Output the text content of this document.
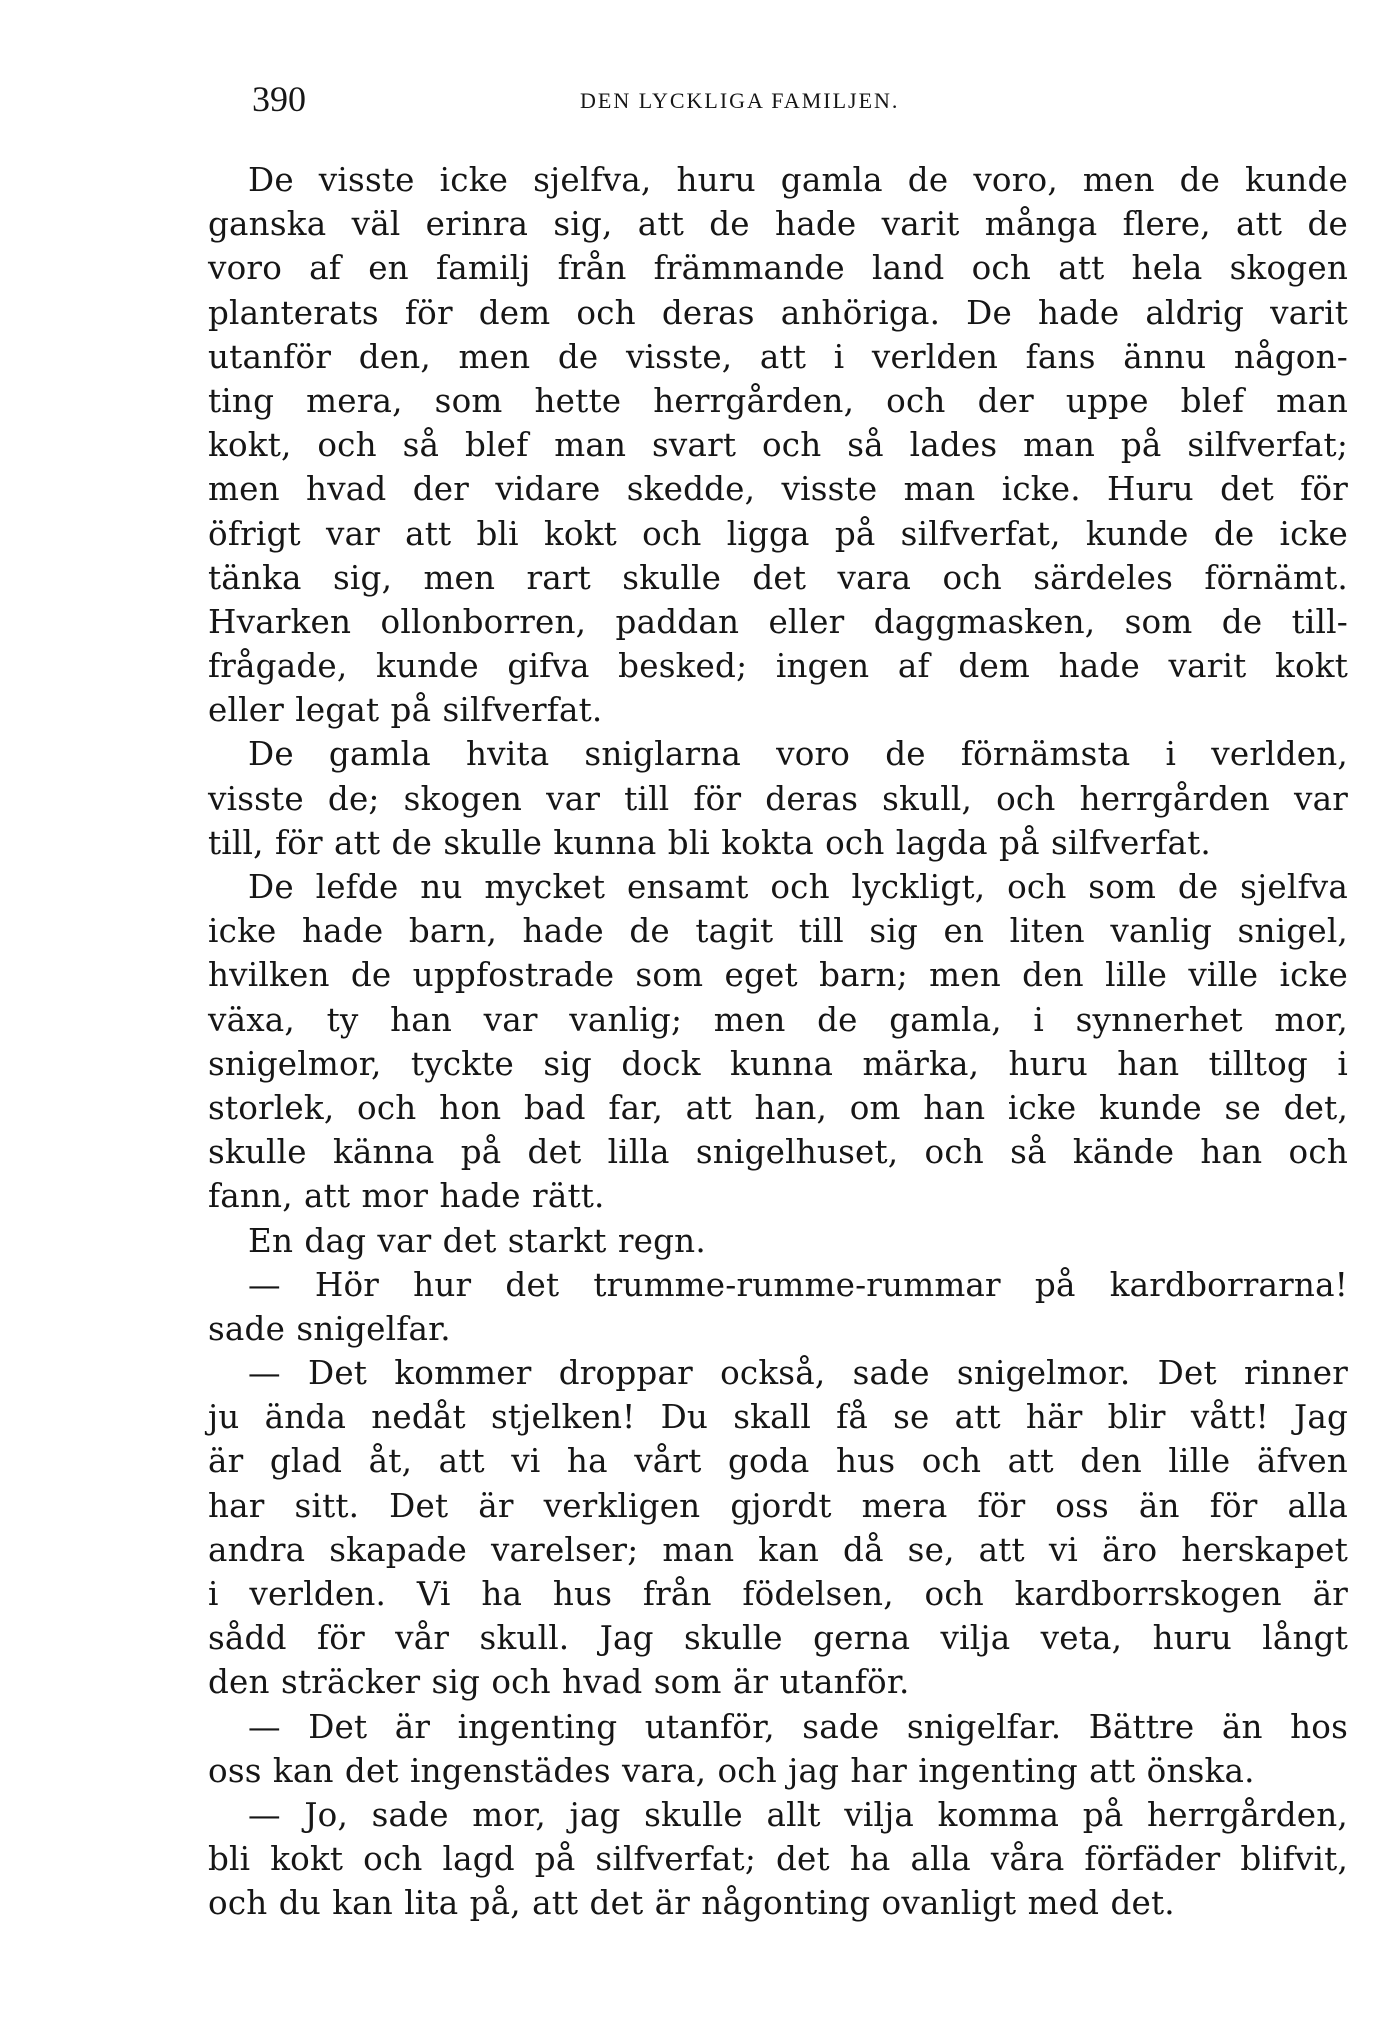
390	DEN LYCKLIGA FAMILJEN.
De visste icke sjelfva, huru gamla de voro, men de kunde
ganska väl erinra sig, att de hade varit många flere, att de
voro af en familj från främmande land och att hela skogen
planterats för dem och deras anhöriga. De hade aldrig varit
utanför den, men de visste, att i verlden fans ännu någon-
ting mera, som hette herrgården, och der uppe blef man
kokt, och så blef man svart och så lades man på silfverfat;
men hvad der vidare skedde, visste man icke. Huru det för
öfrigt var att bli kokt och ligga på silfverfat, kunde de icke
tänka sig, men rart skulle det vara och särdeles förnämt.
Hvarken ollonborren, paddan eller daggmasken, som de till-
frågade, kunde gifva besked; ingen af dem hade varit kokt
eller legat på silfverfat.
De gamla hvita sniglarna voro de förnämsta i verlden,
visste de; skogen var till för deras skull, och herrgården var
till, för att de skulle kunna bli kokta och lagda på silfverfat.
De lefde nu mycket ensamt och lyckligt, och som de sjelfva
icke hade barn, hade de tagit till sig en liten vanlig snigel,
hvilken de uppfostrade som eget barn; men den lille ville icke
växa, ty han var vanlig; men de gamla, i synnerhet mor,
snigelmor, tyckte sig dock kunna märka, huru han tilltog i
storlek, och hon bad far, att han, om han icke kunde se det,
skulle känna på det lilla snigelhuset, och så kände han och
fann, att mor hade rätt.
En dag var det starkt regn.
— Hör hur det trumme-rumme-rummar på kardborrarna!
sade snigelfar.
— Det kommer droppar också, sade snigelmor. Det rinner
ju ända nedåt stjelken! Du skall få se att här blir vått! Jag
är glad åt, att vi ha vårt goda hus och att den lille äfven
har sitt. Det är verkligen gjordt mera för oss än för alla
andra skapade varelser; man kan då se, att vi äro herskapet
i verlden. Vi ha hus från födelsen, och kardborrskogen är
sådd för vår skull. Jag skulle gerna vilja veta, huru långt
den sträcker sig och hvad som är utanför.
— Det är ingenting utanför, sade snigelfar. Bättre än hos
oss kan det ingenstädes vara, och jag har ingenting att önska.
— Jo, sade mor, jag skulle allt vilja komma på herrgården,
bli kokt och lagd på silfverfat; det ha alla våra förfäder blifvit,
och du kan lita på, att det är någonting ovanligt med det.
